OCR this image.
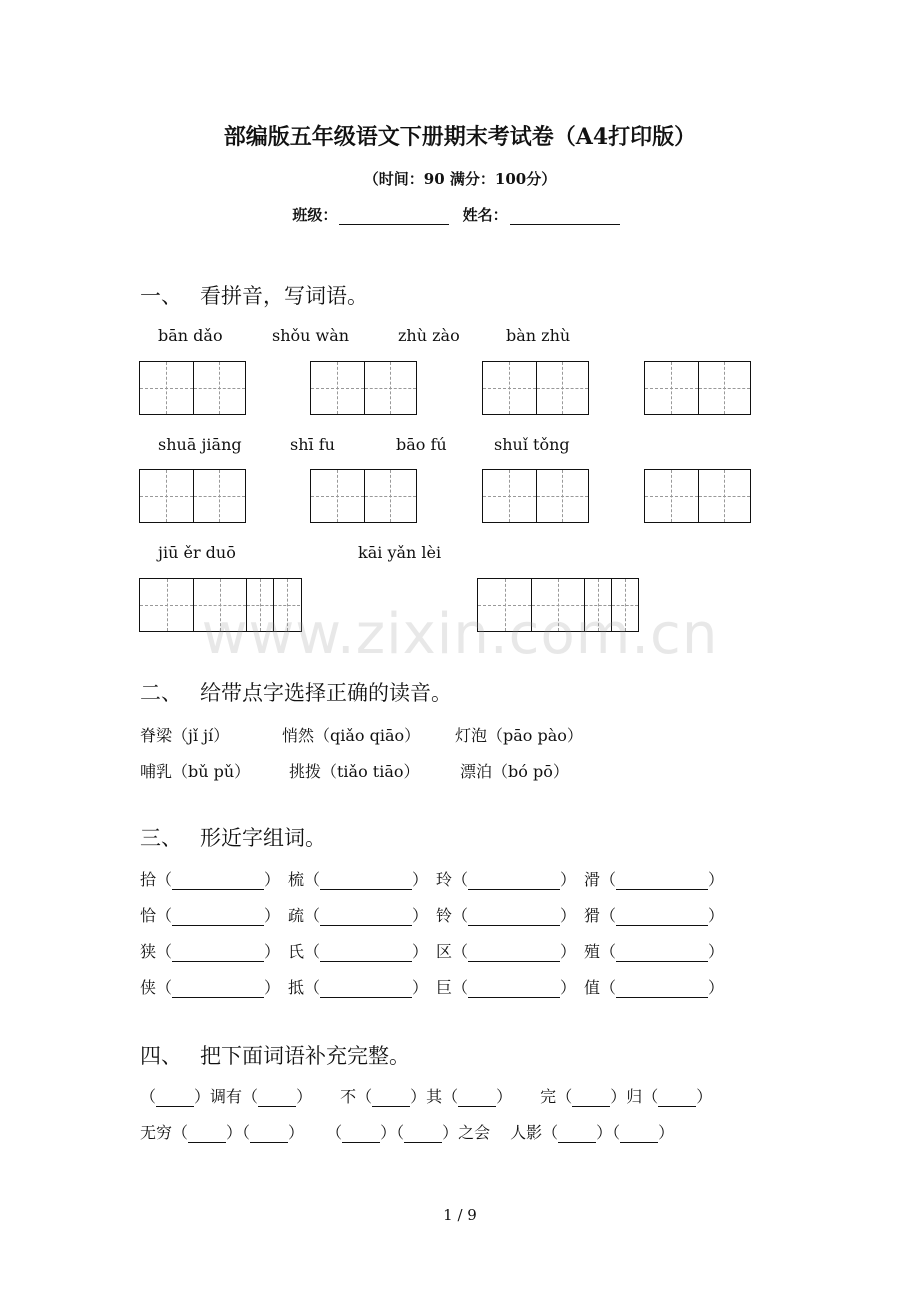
部编版五年级语文下册期末考试卷（A4打印版）
（时间：90 满分：100分）
班级：	姓名：
一、 看拼音，写词语。
bān dǎo	shǒu wàn	zhù zào	bàn zhù
shuā jiāng	shī fu	bāo fú	shuǐ tǒng
jiū ěr duō	kāi yǎn lèi
www.zixin.com.cn
二、 给带点字选择正确的读音。
脊梁（jǐ jí）	悄然（qiǎo qiāo） 灯泡（pāo pào）
哺乳（bǔ pǔ） 挑拨（tiǎo tiāo）	漂泊（bó pō）
三、 形近字组词。
拾（	） 梳（	） 玲（	） 滑（	）
恰（	） 疏（	） 铃（	） 猾（	）
狭（	） 氏（	） 区（	） 殖（	）
侠（	） 抵（	） 巨（	） 值（	）
四、 把下面词语补充完整。
（ ）调有（ ） 不（ ）其（ ） 完（ ）归（ ）
无穷（ ）（ ） （ ）（ ）之会 人影（ ）（ ）
1 / 9
